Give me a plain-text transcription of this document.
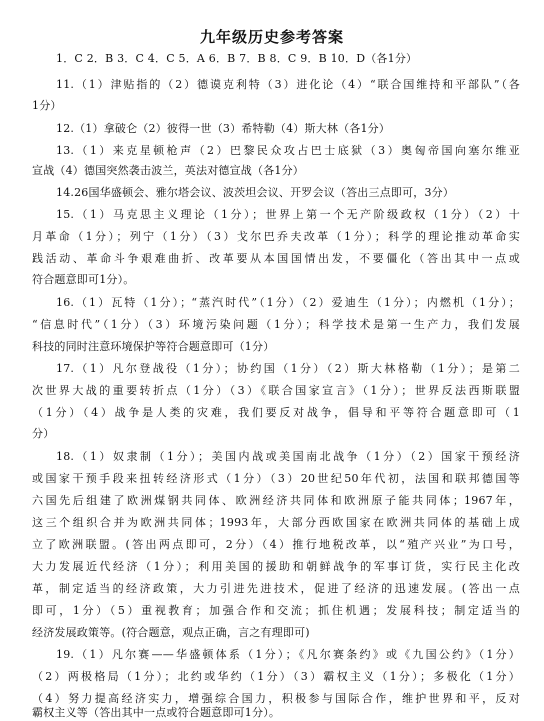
九年级历史参考答案
1．C 2．B 3．C 4．C 5．A 6．B 7．B 8．C 9．B 10．D（各1分）
11.（1）津贴指的（2）德谟克利特（3）进化论（4）“联合国维持和平部队”（各
1分）
12.（1）拿破仑（2）彼得一世（3）希特勒（4）斯大林（各1分）
13.（1）来克星顿枪声（2）巴黎民众攻占巴士底狱（3）奥匈帝国向塞尔维亚
宣战（4）德国突然袭击波兰，英法对德宣战（各1分）
14.26国华盛顿会、雅尔塔会议、波茨坦会议、开罗会议（答出三点即可，3分）
15.（1）马克思主义理论（1分）；世界上第一个无产阶级政权（1分）（2）十
月革命（1分）；列宁（1分）（3）戈尔巴乔夫改革（1分）；科学的理论推动革命实
践活动、革命斗争艰难曲折、改革要从本国国情出发，不要僵化（答出其中一点或
符合题意即可1分）。
16.（1）瓦特（1分）；“蒸汽时代”（1分）（2）爱迪生（1分）；内燃机（1分）；
“信息时代”（1分）（3）环境污染问题（1分）；科学技术是第一生产力，我们发展
科技的同时注意环境保护等符合题意即可（1分）
17.（1）凡尔登战役（1分）；协约国（1分）（2）斯大林格勒（1分）；是第二
次世界大战的重要转折点（1分）（3）《联合国家宣言》（1分）；世界反法西斯联盟
（1分）（4）战争是人类的灾难，我们要反对战争，倡导和平等符合题意即可（1
分）
18.（1）奴隶制（1分）；美国内战或美国南北战争（1分）（2）国家干预经济
或国家干预手段来扭转经济形式（1分）（3）20世纪50年代初，法国和联邦德国等
六国先后组建了欧洲煤钢共同体、欧洲经济共同体和欧洲原子能共同体；1967年，
这三个组织合并为欧洲共同体；1993年，大部分西欧国家在欧洲共同体的基础上成
立了欧洲联盟。(答出两点即可，2分）（4）推行地税改革，以“殖产兴业”为口号，
大力发展近代经济（1分）；利用美国的援助和朝鲜战争的军事订货，实行民主化改
革，制定适当的经济政策，大力引进先进技术，促进了经济的迅速发展。(答出一点
即可，1分）（5）重视教育；加强合作和交流；抓住机遇；发展科技；制定适当的
经济发展政策等。(符合题意，观点正确，言之有理即可)
19.（1）凡尔赛——华盛顿体系（1分）；《凡尔赛条约》或《九国公约》（1分）
（2）两极格局（1分）；北约或华约（1分）（3）霸权主义（1分）；多极化（1分）
（4）努力提高经济实力，增强综合国力，积极参与国际合作，维护世界和平，反对
霸权主义等（答出其中一点或符合题意即可1分）。
